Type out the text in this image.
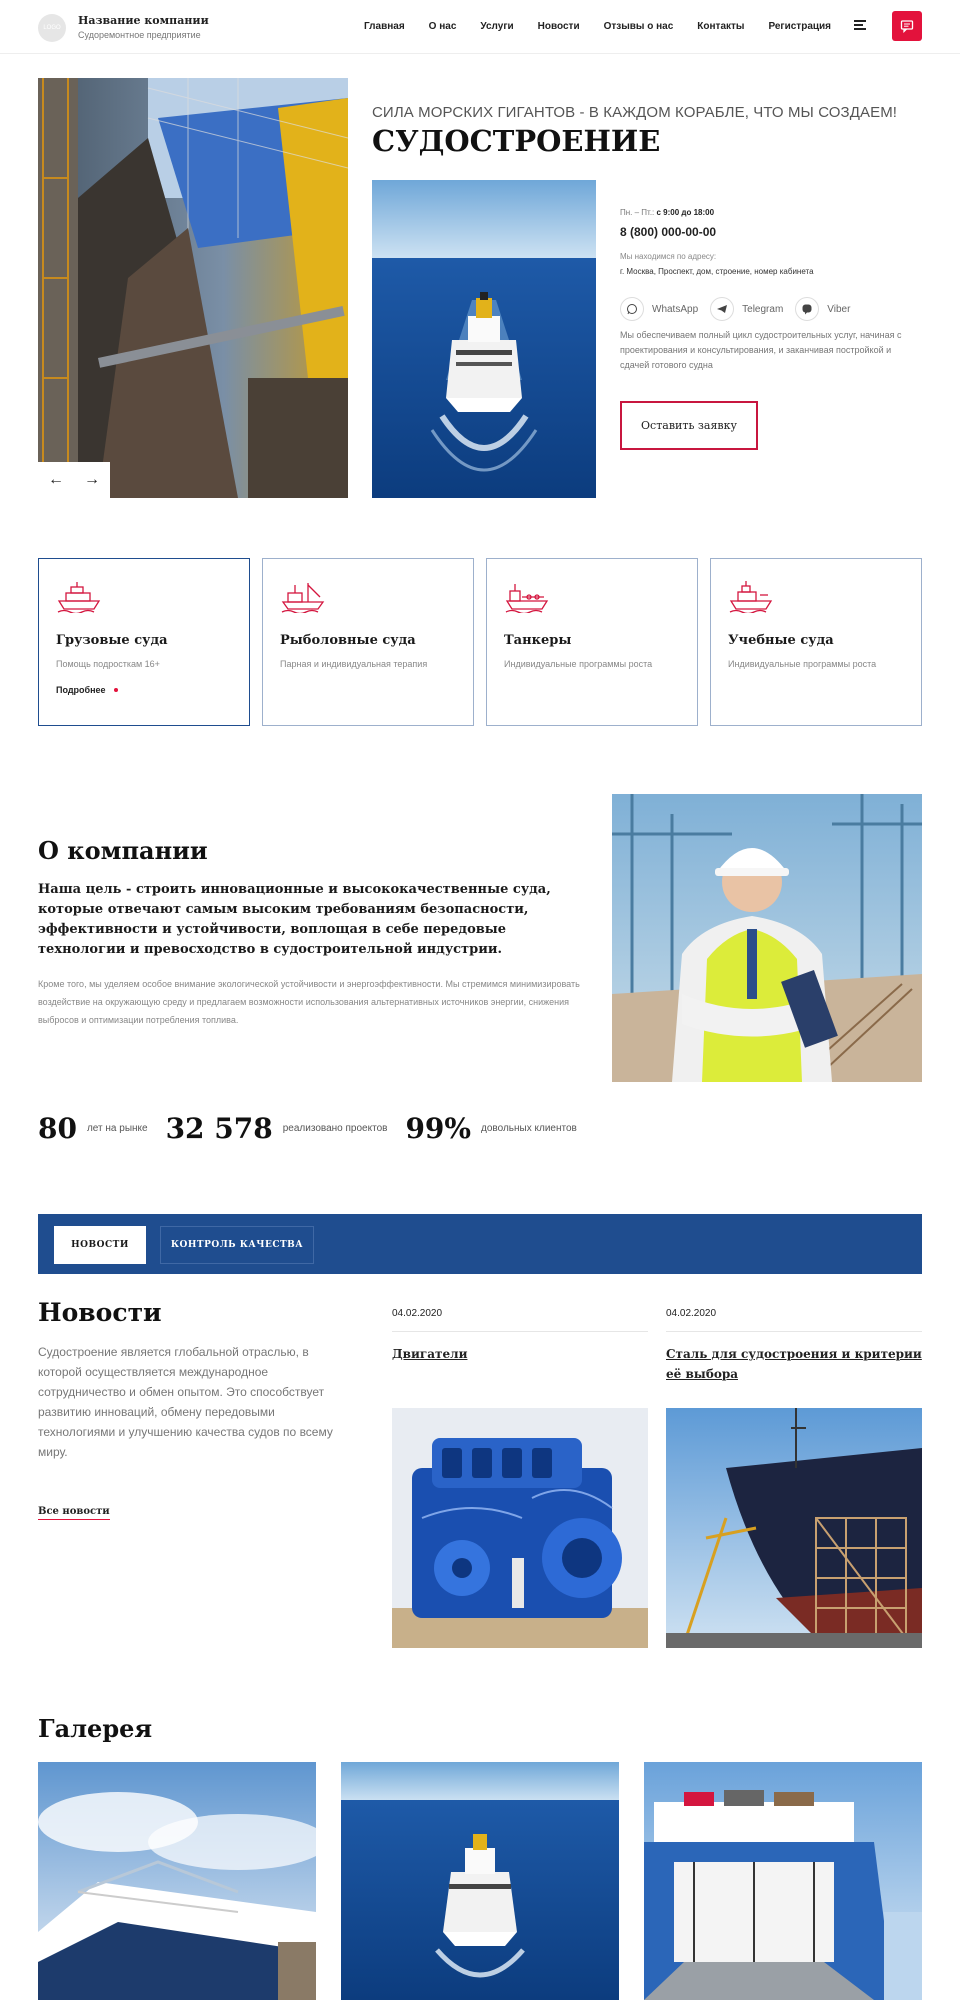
LOGO
Название компании
Судоремонтное предприятие
Главная О нас Услуги Новости Отзывы о нас Контакты Регистрация
← →
СИЛА МОРСКИХ ГИГАНТОВ - В КАЖДОМ КОРАБЛЕ, ЧТО МЫ СОЗДАЕМ!
СУДОСТРОЕНИЕ
Пн. – Пт.: с 9:00 до 18:00
8 (800) 000-00-00
Мы находимся по адресу:
г. Москва, Проспект, дом, строение, номер кабинета
WhatsApp	Telegram	Viber
Мы обеспечиваем полный цикл судостроительных услуг, начиная с проектирования и консультирования, и заканчивая постройкой и сдачей готового судна
Оставить заявку
Грузовые суда
Помощь подросткам 16+
Подробнее
Рыболовные суда
Парная и индивидуальная терапия
Танкеры
Индивидуальные программы роста
Учебные суда
Индивидуальные программы роста
О компании
Наша цель - строить инновационные и высококачественные суда, которые отвечают самым высоким требованиям безопасности, эффективности и устойчивости, воплощая в себе передовые технологии и превосходство в судостроительной индустрии.
Кроме того, мы уделяем особое внимание экологической устойчивости и энергоэффективности. Мы стремимся минимизировать воздействие на окружающую среду и предлагаем возможности использования альтернативных источников энергии, снижения выбросов и оптимизации потребления топлива.
80 лет на рынке 32 578 реализовано проектов 99% довольных клиентов
НОВОСТИ	КОНТРОЛЬ КАЧЕСТВА
Новости
Судостроение является глобальной отраслью, в которой осуществляется международное сотрудничество и обмен опытом. Это способствует развитию инноваций, обмену передовыми технологиями и улучшению качества судов по всему миру.
Все новости
04.02.2020
Двигатели
04.02.2020
Сталь для судостроения и критерии её выбора
Галерея
